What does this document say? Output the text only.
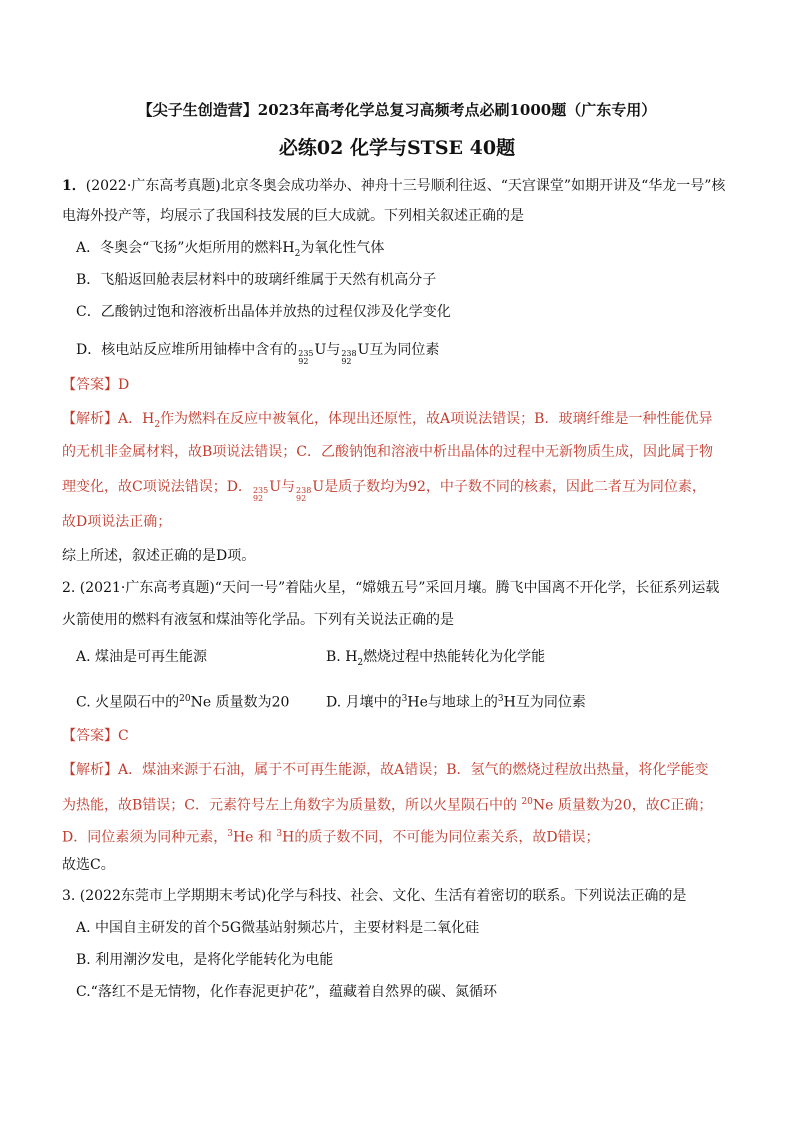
【尖子生创造营】2023年高考化学总复习高频考点必刷1000题（广东专用）
必练02 化学与STSE 40题
1．(2022·广东高考真题)北京冬奥会成功举办、神舟十三号顺利往返、“天宫课堂”如期开讲及“华龙一号”核
电海外投产等，均展示了我国科技发展的巨大成就。下列相关叙述正确的是
A．冬奥会“飞扬”火炬所用的燃料$H_2$为氧化性气体
B．飞船返回舱表层材料中的玻璃纤维属于天然有机高分子
C．乙酸钠过饱和溶液析出晶体并放热的过程仅涉及化学变化
D．核电站反应堆所用铀棒中含有的 235
92
U与 238
92
U互为同位素
【答案】D
【解析】A．$H_2$作为燃料在反应中被氧化，体现出还原性，故A项说法错误；B．玻璃纤维是一种性能优异
的无机非金属材料，故B项说法错误；C．乙酸钠饱和溶液中析出晶体的过程中无新物质生成，因此属于物
理变化，故C项说法错误；D． 235
92
U与 238
92
U是质子数均为92，中子数不同的核素，因此二者互为同位素，
故D项说法正确；
综上所述，叙述正确的是D项。
2. (2021·广东高考真题)“天问一号”着陆火星，“嫦娥五号”采回月壤。腾飞中国离不开化学，长征系列运载
火箭使用的燃料有液氢和煤油等化学品。下列有关说法正确的是
A. 煤油是可再生能源	B. $H_2$燃烧过程中热能转化为化学能
C. 火星陨石中的$^{20}$Ne 质量数为20	D. 月壤中的$^3$He与地球上的$^3$H互为同位素
【答案】C
【解析】A．煤油来源于石油，属于不可再生能源，故A错误；B．氢气的燃烧过程放出热量，将化学能变
为热能，故B错误；C．元素符号左上角数字为质量数，所以火星陨石中的 $^{20}$Ne 质量数为20，故C正确；
D．同位素须为同种元素，$^3$He 和 $^3$H的质子数不同，不可能为同位素关系，故D错误；
故选C。
3. (2022东莞市上学期期末考试)化学与科技、社会、文化、生活有着密切的联系。下列说法正确的是
A. 中国自主研发的首个5G微基站射频芯片，主要材料是二氧化硅
B. 利用潮汐发电，是将化学能转化为电能
C.“落红不是无情物，化作春泥更护花”，蕴藏着自然界的碳、氮循环
